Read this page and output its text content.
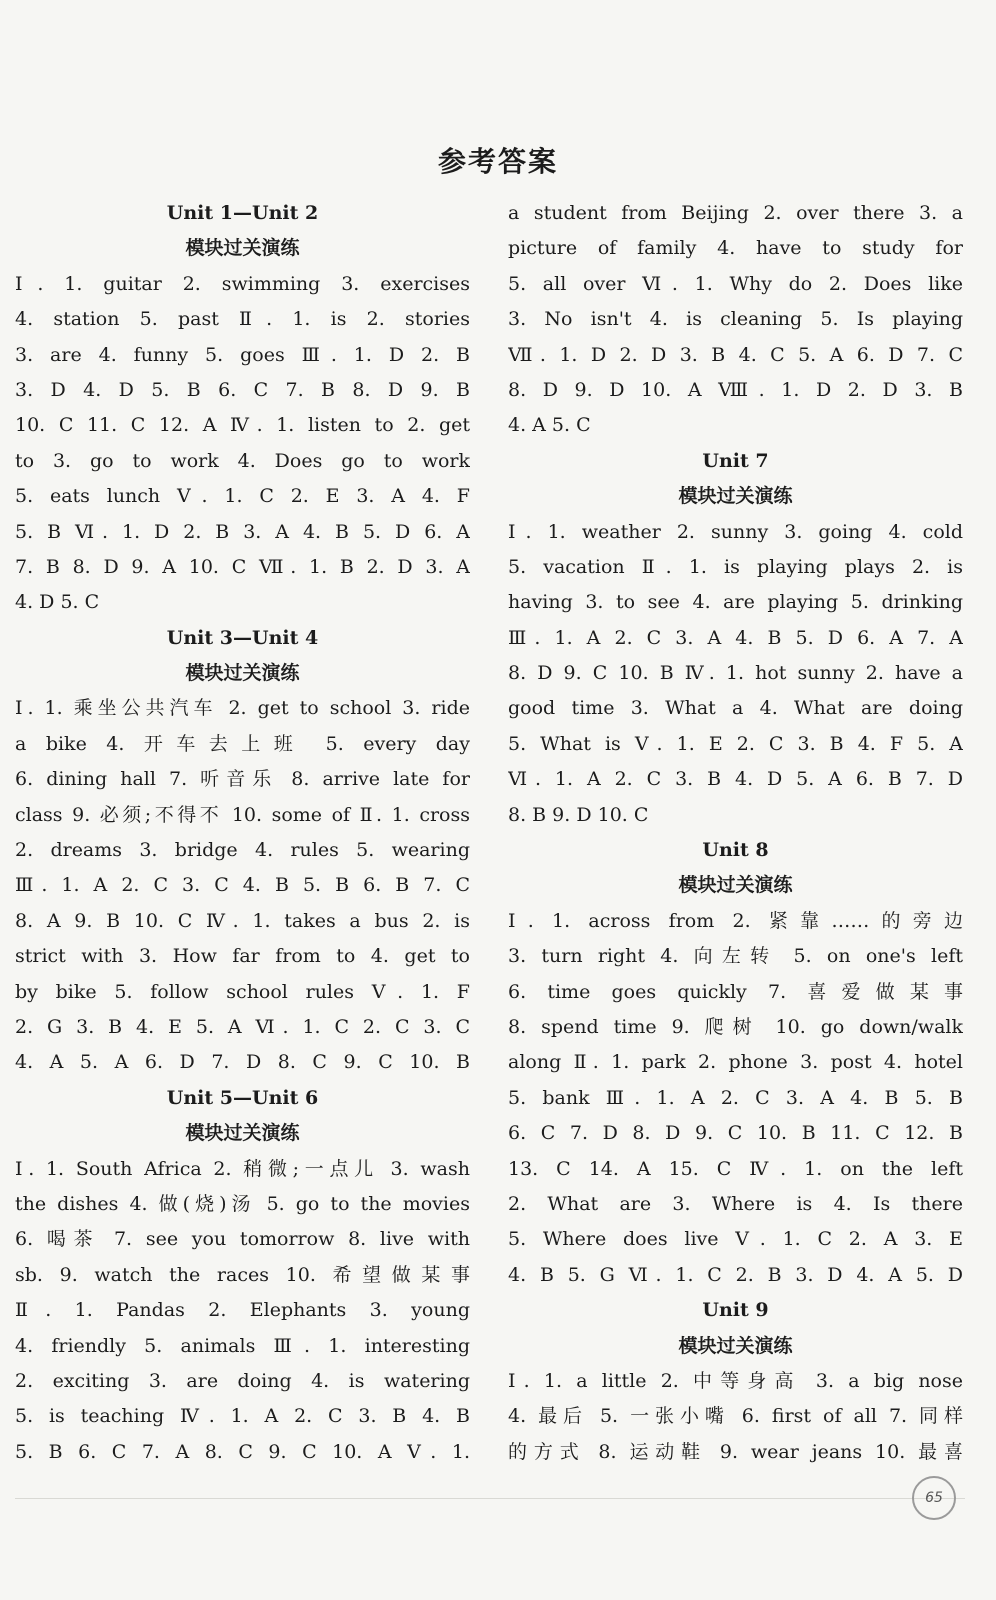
参考答案
Unit 1—Unit 2
模块过关演练
Ⅰ. 1. guitar 2. swimming 3. exercises
4. station 5. past Ⅱ. 1. is 2. stories
3. are 4. funny 5. goes Ⅲ. 1. D 2. B
3. D 4. D 5. B 6. C 7. B 8. D 9. B
10. C 11. C 12. A Ⅳ. 1. listen to 2. get
to 3. go to work 4. Does go to work
5. eats lunch Ⅴ. 1. C 2. E 3. A 4. F
5. B Ⅵ. 1. D 2. B 3. A 4. B 5. D 6. A
7. B 8. D 9. A 10. C Ⅶ. 1. B 2. D 3. A
4. D 5. C
Unit 3—Unit 4
模块过关演练
Ⅰ. 1. 乘坐公共汽车 2. get to school 3. ride
a bike 4. 开车去上班 5. every day
6. dining hall 7. 听音乐 8. arrive late for
class 9. 必须;不得不 10. some of Ⅱ. 1. cross
2. dreams 3. bridge 4. rules 5. wearing
Ⅲ. 1. A 2. C 3. C 4. B 5. B 6. B 7. C
8. A 9. B 10. C Ⅳ. 1. takes a bus 2. is
strict with 3. How far from to 4. get to
by bike 5. follow school rules Ⅴ. 1. F
2. G 3. B 4. E 5. A Ⅵ. 1. C 2. C 3. C
4. A 5. A 6. D 7. D 8. C 9. C 10. B
Unit 5—Unit 6
模块过关演练
Ⅰ. 1. South Africa 2. 稍微;一点儿 3. wash
the dishes 4. 做(烧)汤 5. go to the movies
6. 喝茶 7. see you tomorrow 8. live with
sb. 9. watch the races 10. 希望做某事
Ⅱ. 1. Pandas 2. Elephants 3. young
4. friendly 5. animals Ⅲ. 1. interesting
2. exciting 3. are doing 4. is watering
5. is teaching Ⅳ. 1. A 2. C 3. B 4. B
5. B 6. C 7. A 8. C 9. C 10. A Ⅴ. 1.
a student from Beijing 2. over there 3. a
picture of family 4. have to study for
5. all over Ⅵ. 1. Why do 2. Does like
3. No isn't 4. is cleaning 5. Is playing
Ⅶ. 1. D 2. D 3. B 4. C 5. A 6. D 7. C
8. D 9. D 10. A Ⅷ. 1. D 2. D 3. B
4. A 5. C
Unit 7
模块过关演练
Ⅰ. 1. weather 2. sunny 3. going 4. cold
5. vacation Ⅱ. 1. is playing plays 2. is
having 3. to see 4. are playing 5. drinking
Ⅲ. 1. A 2. C 3. A 4. B 5. D 6. A 7. A
8. D 9. C 10. B Ⅳ. 1. hot sunny 2. have a
good time 3. What a 4. What are doing
5. What is Ⅴ. 1. E 2. C 3. B 4. F 5. A
Ⅵ. 1. A 2. C 3. B 4. D 5. A 6. B 7. D
8. B 9. D 10. C
Unit 8
模块过关演练
Ⅰ. 1. across from 2. 紧靠……的旁边
3. turn right 4. 向左转 5. on one's left
6. time goes quickly 7. 喜爱做某事
8. spend time 9. 爬树 10. go down/walk
along Ⅱ. 1. park 2. phone 3. post 4. hotel
5. bank Ⅲ. 1. A 2. C 3. A 4. B 5. B
6. C 7. D 8. D 9. C 10. B 11. C 12. B
13. C 14. A 15. C Ⅳ. 1. on the left
2. What are 3. Where is 4. Is there
5. Where does live Ⅴ. 1. C 2. A 3. E
4. B 5. G Ⅵ. 1. C 2. B 3. D 4. A 5. D
Unit 9
模块过关演练
Ⅰ. 1. a little 2. 中等身高 3. a big nose
4. 最后 5. 一张小嘴 6. first of all 7. 同样
的方式 8. 运动鞋 9. wear jeans 10. 最喜
65
